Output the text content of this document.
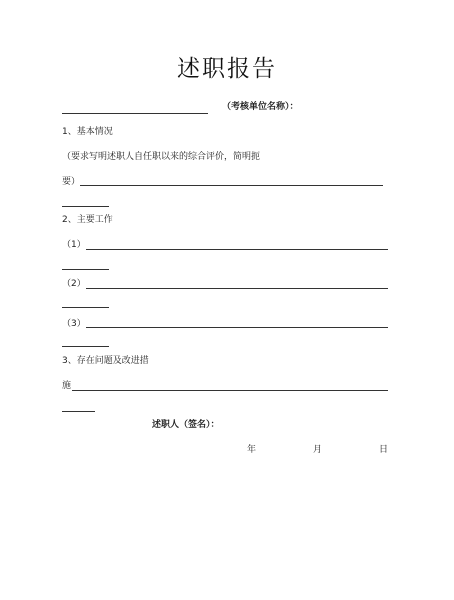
述职报告
（考核单位名称）：
1、基本情况
（要求写明述职人自任职以来的综合评价，简明扼
要）
2、主要工作
（1）
（2）
（3）
3、存在问题及改进措
施
述职人（签名）：
年	月	日
